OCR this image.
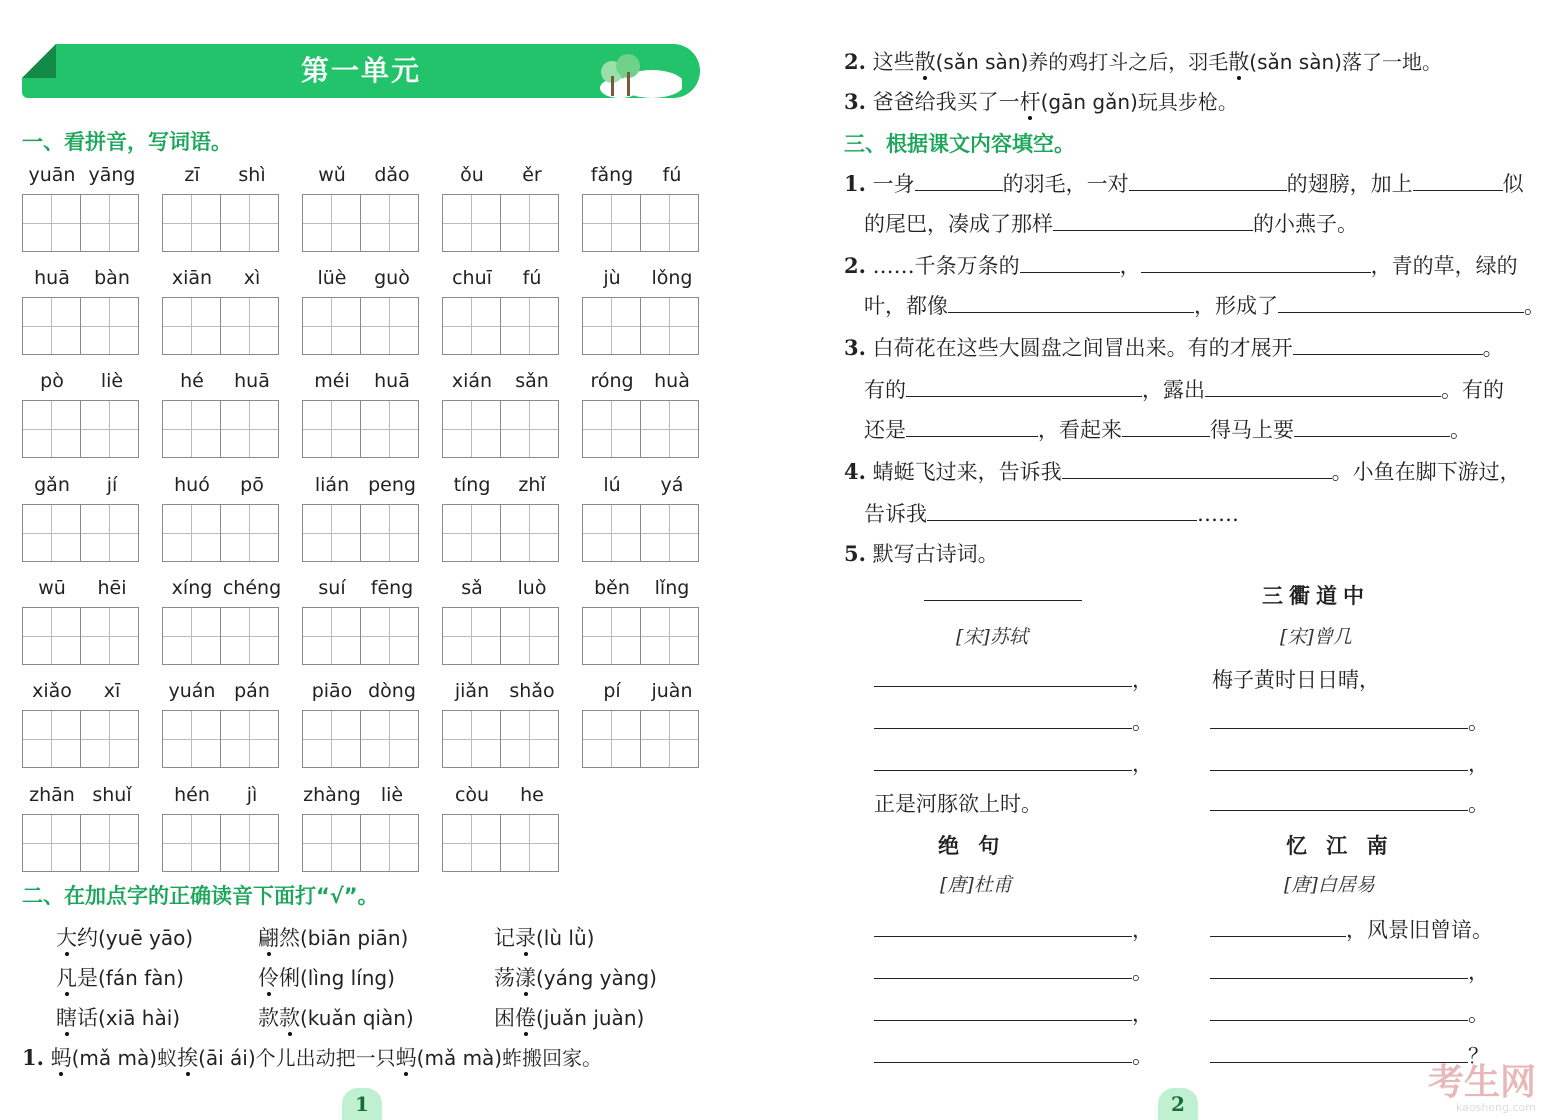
第一单元
一、看拼音，写词语。
yuān yāng	zī	shì	wǔ	dǎo	ǒu	ěr	fǎng	fú
huā	bàn	xiān	xì	lüè	guò	chuī	fú	jù	lǒng
pò	liè	hé	huā	méi	huā	xián	sǎn	róng	huà
gǎn	jí	huó	pō	lián peng	tíng	zhǐ	lú	yá
wū	hēi	xíng chéng	suí	fēng	sǎ	luò	běn	lǐng
xiǎo	xī	yuán pán	piāo dòng	jiǎn	shǎo	pí	juàn
zhān shuǐ	hén	jì	zhàng	liè	còu	he
二、在加点字的正确读音下面打“√”。
大约(yuē yāo)	翩然(biān piān)	记录(lù lǜ)
凡是(fán fàn)	伶俐(lìng líng)	荡漾(yáng yàng)
瞎话(xiā hài)	款款(kuǎn qiàn)	困倦(juǎn juàn)
1. 蚂(mǎ mà)蚁挨(āi ái)个儿出动把一只蚂(mǎ mà)蚱搬回家。
1
2. 这些散(sǎn sàn)养的鸡打斗之后，羽毛散(sǎn sàn)落了一地。
3. 爸爸给我买了一杆(gān gǎn)玩具步枪。
三、根据课文内容填空。
1. 一身	的羽毛，一对	的翅膀，加上	似
的尾巴，凑成了那样	的小燕子。
2. ……千条万条的	，	，青的草，绿的
叶，都像	，形成了	。
3. 白荷花在这些大圆盘之间冒出来。有的才展开	。
有的	，露出	。有的
还是	，看起来	得马上要	。
4. 蜻蜓飞过来，告诉我	。小鱼在脚下游过，
告诉我	……
5. 默写古诗词。
[宋]苏轼
，
。
，
正是河豚欲上时。
三衢道中
[宋]曾几
梅子黄时日日晴，
。
，
。
绝 句
[唐]杜甫
，
。
，
。
忆 江 南
[唐]白居易
，风景旧曾谙。
，
。
？
2
考生网
kaosheng.com
